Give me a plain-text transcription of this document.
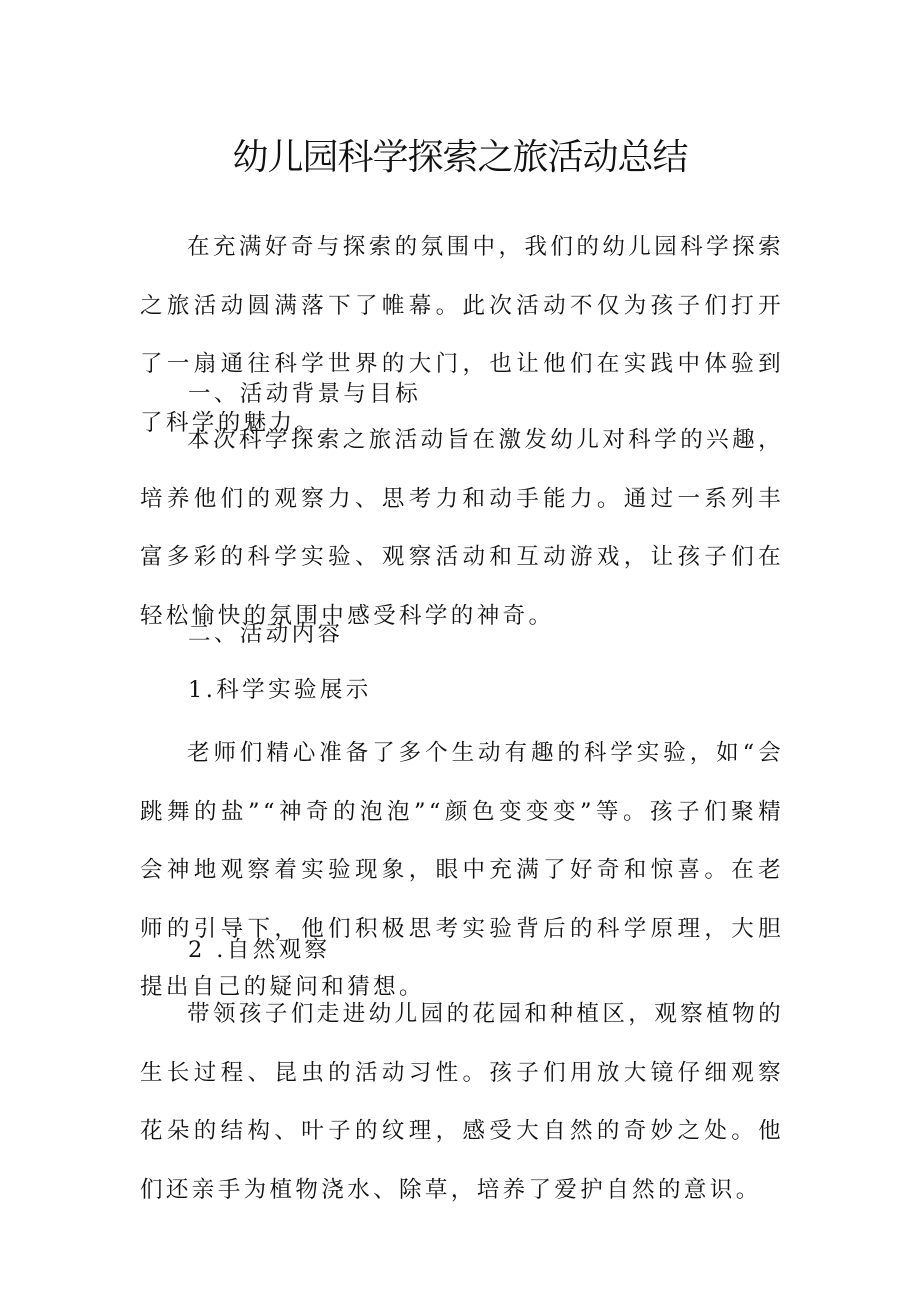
幼儿园科学探索之旅活动总结

在充满好奇与探索的氛围中，我们的幼儿园科学探索之旅活动圆满落下了帷幕。此次活动不仅为孩子们打开了一扇通往科学世界的大门，也让他们在实践中体验到了科学的魅力。

一、活动背景与目标

本次科学探索之旅活动旨在激发幼儿对科学的兴趣，培养他们的观察力、思考力和动手能力。通过一系列丰富多彩的科学实验、观察活动和互动游戏，让孩子们在轻松愉快的氛围中感受科学的神奇。

二、活动内容
1.科学实验展示

老师们精心准备了多个生动有趣的科学实验，如“会跳舞的盐”“神奇的泡泡”“颜色变变变”等。孩子们聚精会神地观察着实验现象，眼中充满了好奇和惊喜。在老师的引导下，他们积极思考实验背后的科学原理，大胆提出自己的疑问和猜想。

2 .自然观察

带领孩子们走进幼儿园的花园和种植区，观察植物的生长过程、昆虫的活动习性。孩子们用放大镜仔细观察花朵的结构、叶子的纹理，感受大自然的奇妙之处。他们还亲手为植物浇水、除草，培养了爱护自然的意识。
